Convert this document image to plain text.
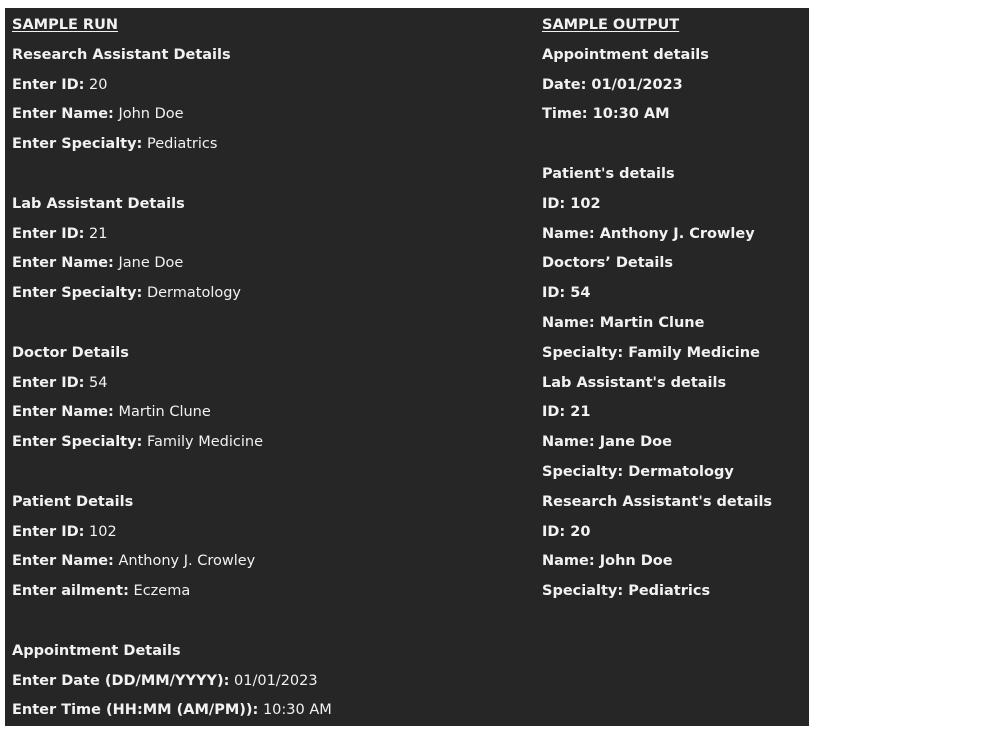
SAMPLE RUN
Research Assistant Details
Enter ID: 20
Enter Name: John Doe
Enter Specialty: Pediatrics
Lab Assistant Details
Enter ID: 21
Enter Name: Jane Doe
Enter Specialty: Dermatology
Doctor Details
Enter ID: 54
Enter Name: Martin Clune
Enter Specialty: Family Medicine
Patient Details
Enter ID: 102
Enter Name: Anthony J. Crowley
Enter ailment: Eczema
Appointment Details
Enter Date (DD/MM/YYYY): 01/01/2023
Enter Time (HH:MM (AM/PM)): 10:30 AM
SAMPLE OUTPUT
Appointment details
Date: 01/01/2023
Time: 10:30 AM
Patient's details
ID: 102
Name: Anthony J. Crowley
Doctors’ Details
ID: 54
Name: Martin Clune
Specialty: Family Medicine
Lab Assistant's details
ID: 21
Name: Jane Doe
Specialty: Dermatology
Research Assistant's details
ID: 20
Name: John Doe
Specialty: Pediatrics
